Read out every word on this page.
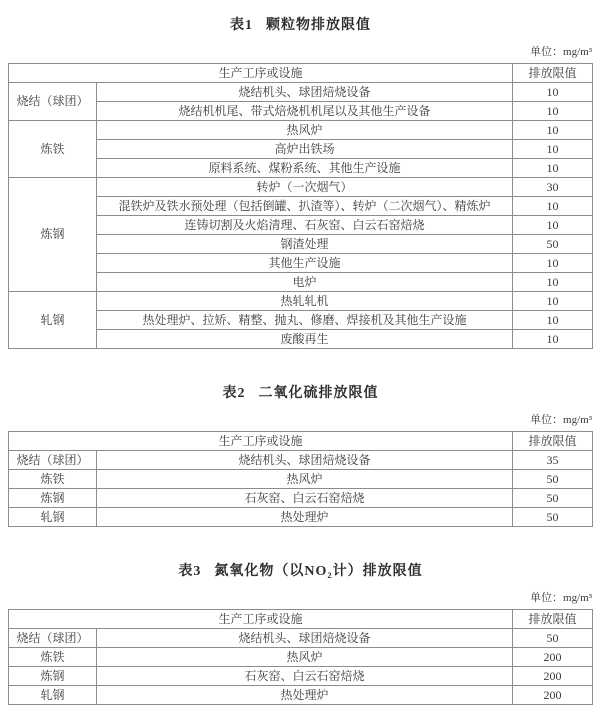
表1 颗粒物排放限值
单位：mg/m³
生产工序或设施		排放限值
烧结（球团）	烧结机头、球团焙烧设备	10
	烧结机机尾、带式焙烧机机尾以及其他生产设备	10
炼铁	热风炉	10
	高炉出铁场	10
	原料系统、煤粉系统、其他生产设施	10
炼钢	转炉（一次烟气）	30
	混铁炉及铁水预处理（包括倒罐、扒渣等）、转炉（二次烟气）、精炼炉	10
	连铸切割及火焰清理、石灰窑、白云石窑焙烧	10
	钢渣处理	50
	其他生产设施	10
	电炉	10
轧钢	热轧轧机	10
	热处理炉、拉矫、精整、抛丸、修磨、焊接机及其他生产设施	10
	废酸再生	10
表2 二氧化硫排放限值
单位：mg/m³
生产工序或设施		排放限值
烧结（球团）	烧结机头、球团焙烧设备	35
炼铁	热风炉	50
炼钢	石灰窑、白云石窑焙烧	50
轧钢	热处理炉	50
表3 氮氧化物（以NO₂计）排放限值
单位：mg/m³
生产工序或设施		排放限值
烧结（球团）	烧结机头、球团焙烧设备	50
炼铁	热风炉	200
炼钢	石灰窑、白云石窑焙烧	200
轧钢	热处理炉	200
